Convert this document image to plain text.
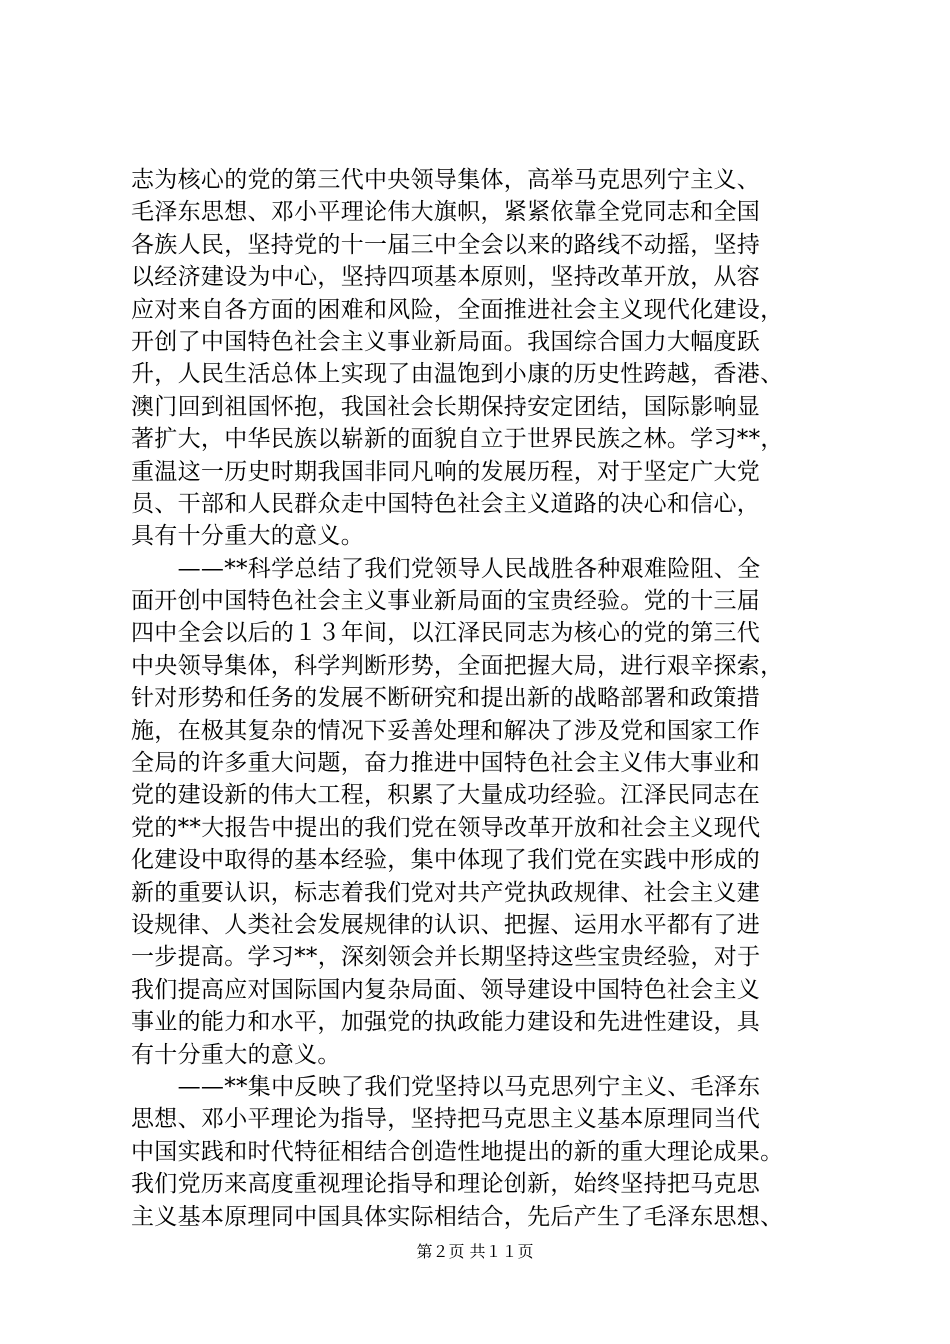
志为核心的党的第三代中央领导集体，高举马克思列宁主义、
毛泽东思想、邓小平理论伟大旗帜，紧紧依靠全党同志和全国
各族人民，坚持党的十一届三中全会以来的路线不动摇，坚持
以经济建设为中心，坚持四项基本原则，坚持改革开放，从容
应对来自各方面的困难和风险，全面推进社会主义现代化建设，
开创了中国特色社会主义事业新局面。我国综合国力大幅度跃
升，人民生活总体上实现了由温饱到小康的历史性跨越，香港、
澳门回到祖国怀抱，我国社会长期保持安定团结，国际影响显
著扩大，中华民族以崭新的面貌自立于世界民族之林。学习**，
重温这一历史时期我国非同凡响的发展历程，对于坚定广大党
员、干部和人民群众走中国特色社会主义道路的决心和信心，
具有十分重大的意义。
　　——**科学总结了我们党领导人民战胜各种艰难险阻、全
面开创中国特色社会主义事业新局面的宝贵经验。党的十三届
四中全会以后的１３年间，以江泽民同志为核心的党的第三代
中央领导集体，科学判断形势，全面把握大局，进行艰辛探索，
针对形势和任务的发展不断研究和提出新的战略部署和政策措
施，在极其复杂的情况下妥善处理和解决了涉及党和国家工作
全局的许多重大问题，奋力推进中国特色社会主义伟大事业和
党的建设新的伟大工程，积累了大量成功经验。江泽民同志在
党的**大报告中提出的我们党在领导改革开放和社会主义现代
化建设中取得的基本经验，集中体现了我们党在实践中形成的
新的重要认识，标志着我们党对共产党执政规律、社会主义建
设规律、人类社会发展规律的认识、把握、运用水平都有了进
一步提高。学习**，深刻领会并长期坚持这些宝贵经验，对于
我们提高应对国际国内复杂局面、领导建设中国特色社会主义
事业的能力和水平，加强党的执政能力建设和先进性建设，具
有十分重大的意义。
　　——**集中反映了我们党坚持以马克思列宁主义、毛泽东
思想、邓小平理论为指导，坚持把马克思主义基本原理同当代
中国实践和时代特征相结合创造性地提出的新的重大理论成果。
我们党历来高度重视理论指导和理论创新，始终坚持把马克思
主义基本原理同中国具体实际相结合，先后产生了毛泽东思想、
第２页 共１１页
